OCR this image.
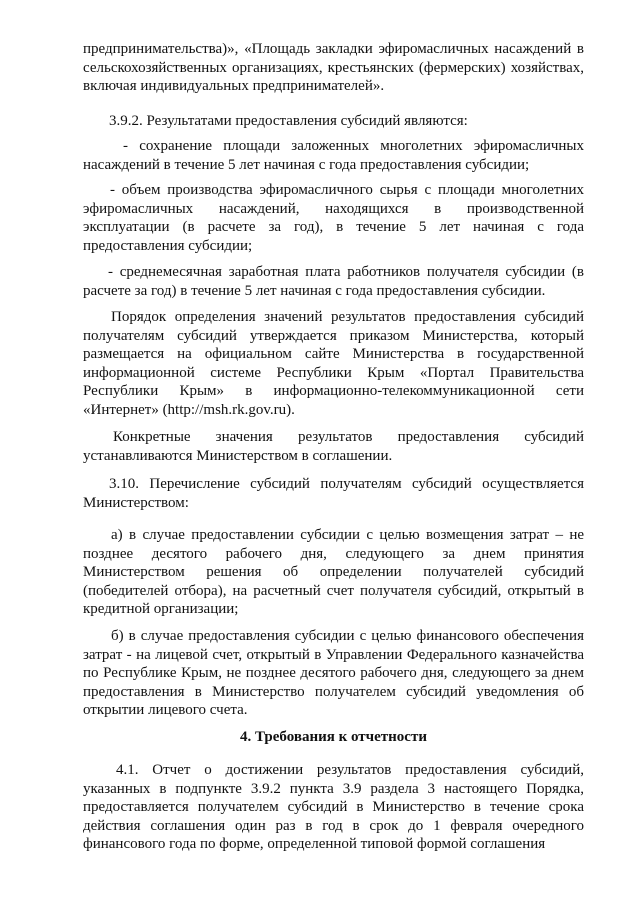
предпринимательства)», «Площадь закладки эфиромасличных насаждений в сельскохозяйственных организациях, крестьянских (фермерских) хозяйствах, включая индивидуальных предпринимателей».

3.9.2. Результатами предоставления субсидий являются:

- сохранение площади заложенных многолетних эфиромасличных насаждений в течение 5 лет начиная с года предоставления субсидии;

- объем производства эфиромасличного сырья с площади многолетних эфиромасличных насаждений, находящихся в производственной эксплуатации (в расчете за год), в течение 5 лет начиная с года предоставления субсидии;

- среднемесячная заработная плата работников получателя субсидии (в расчете за год) в течение 5 лет начиная с года предоставления субсидии.

Порядок определения значений результатов предоставления субсидий получателям субсидий утверждается приказом Министерства, который размещается на официальном сайте Министерства в государственной информационной системе Республики Крым «Портал Правительства Республики Крым» в информационно-телекоммуникационной сети «Интернет» (http://msh.rk.gov.ru).

Конкретные значения результатов предоставления субсидий устанавливаются Министерством в соглашении.

3.10. Перечисление субсидий получателям субсидий осуществляется Министерством:

а) в случае предоставлении субсидии с целью возмещения затрат – не позднее десятого рабочего дня, следующего за днем принятия Министерством решения об определении получателей субсидий (победителей отбора), на расчетный счет получателя субсидий, открытый в кредитной организации;

б) в случае предоставления субсидии с целью финансового обеспечения затрат - на лицевой счет, открытый в Управлении Федерального казначейства по Республике Крым, не позднее десятого рабочего дня, следующего за днем предоставления в Министерство получателем субсидий уведомления об открытии лицевого счета.

4. Требования к отчетности

4.1. Отчет о достижении результатов предоставления субсидий, указанных в подпункте 3.9.2 пункта 3.9 раздела 3 настоящего Порядка, предоставляется получателем субсидий в Министерство в течение срока действия соглашения один раз в год в срок до 1 февраля очередного финансового года по форме, определенной типовой формой соглашения
